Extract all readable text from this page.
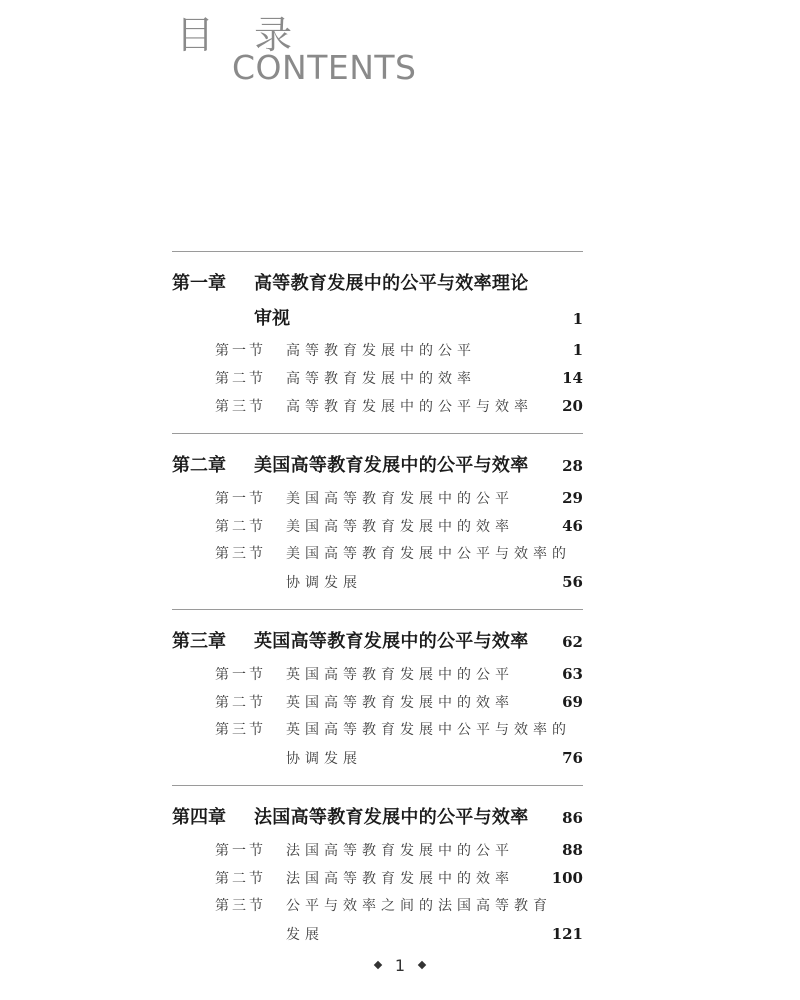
目 录
CONTENTS
第一章	高等教育发展中的公平与效率理论
审视	1
第一节	高等教育发展中的公平	1
第二节	高等教育发展中的效率	14
第三节	高等教育发展中的公平与效率	20
第二章	美国高等教育发展中的公平与效率	28
第一节	美国高等教育发展中的公平	29
第二节	美国高等教育发展中的效率	46
第三节	美国高等教育发展中公平与效率的
协调发展	56
第三章	英国高等教育发展中的公平与效率	62
第一节	英国高等教育发展中的公平	63
第二节	英国高等教育发展中的效率	69
第三节	英国高等教育发展中公平与效率的
协调发展	76
第四章	法国高等教育发展中的公平与效率	86
第一节	法国高等教育发展中的公平	88
第二节	法国高等教育发展中的效率	100
第三节	公平与效率之间的法国高等教育
发展	121
1
